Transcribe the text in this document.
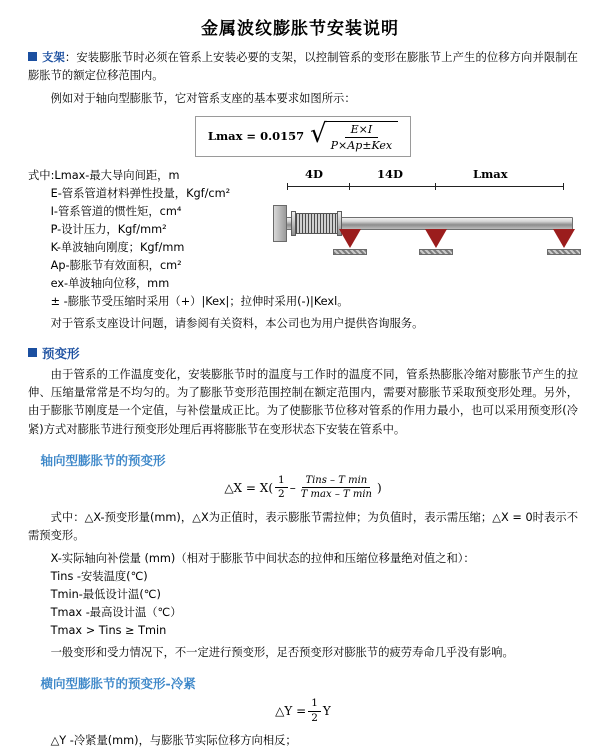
金属波纹膨胀节安装说明
支架：安装膨胀节时必须在管系上安装必要的支架，以控制管系的变形在膨胀节上产生的位移方向并限制在膨胀节的额定位移范围内。
例如对于轴向型膨胀节，它对管系支座的基本要求如图所示：
Lmax = 0.0157 √
$\frac{E\times I}{\text{P×Ap±Kex}}$
4D	14D	Lmax
式中:Lmax-最大导向间距，m
E-管系管道材料弹性投量，Kgf/cm²
I-管系管道的惯性矩，cm⁴
P-设计压力，Kgf/mm²
K-单波轴向刚度；Kgf/mm
Ap-膨胀节有效面积，cm²
ex-单波轴向位移，mm
± -膨胀节受压缩时采用（+）|Kex|；拉伸时采用(-)|Kexl。
对于管系支座设计问题，请参阅有关资料，本公司也为用户提供咨询服务。
预变形
由于管系的工作温度变化，安装膨胀节时的温度与工作时的温度不同，管系热膨胀冷缩对膨胀节产生的拉伸、压缩量常常是不均匀的。为了膨胀节变形范围控制在额定范围内，需要对膨胀节采取预变形处理。另外，由于膨胀节刚度是一个定值，与补偿量成正比。为了使膨胀节位移对管系的作用力最小，也可以采用预变形(冷紧)方式对膨胀节进行预变形处理后再将膨胀节在变形状态下安装在管系中。
轴向型膨胀节的预变形
△X = $X( \frac{1}{2} - \frac{\text{Tins – T min}}{\text{T max – T min}}$ )
式中：△X-预变形量(mm)，△X为正值时，表示膨胀节需拉伸；为负值时，表示需压缩；△X = 0时表示不需预变形。
X-实际轴向补偿量 (mm)（相对于膨胀节中间状态的拉伸和压缩位移量绝对值之和）：
Tins -安装温度(℃)
Tmin-最低设计温(℃)
Tmax -最高设计温（℃）
Tmax > Tins ≥ Tmin
一般变形和受力情况下，不一定进行预变形，足否预变形对膨胀节的疲劳寿命几乎没有影响。
横向型膨胀节的预变形-冷紧
△Y = $\frac{1}{2}$ Y
△Y -冷紧量(mm)，与膨胀节实际位移方向相反；
